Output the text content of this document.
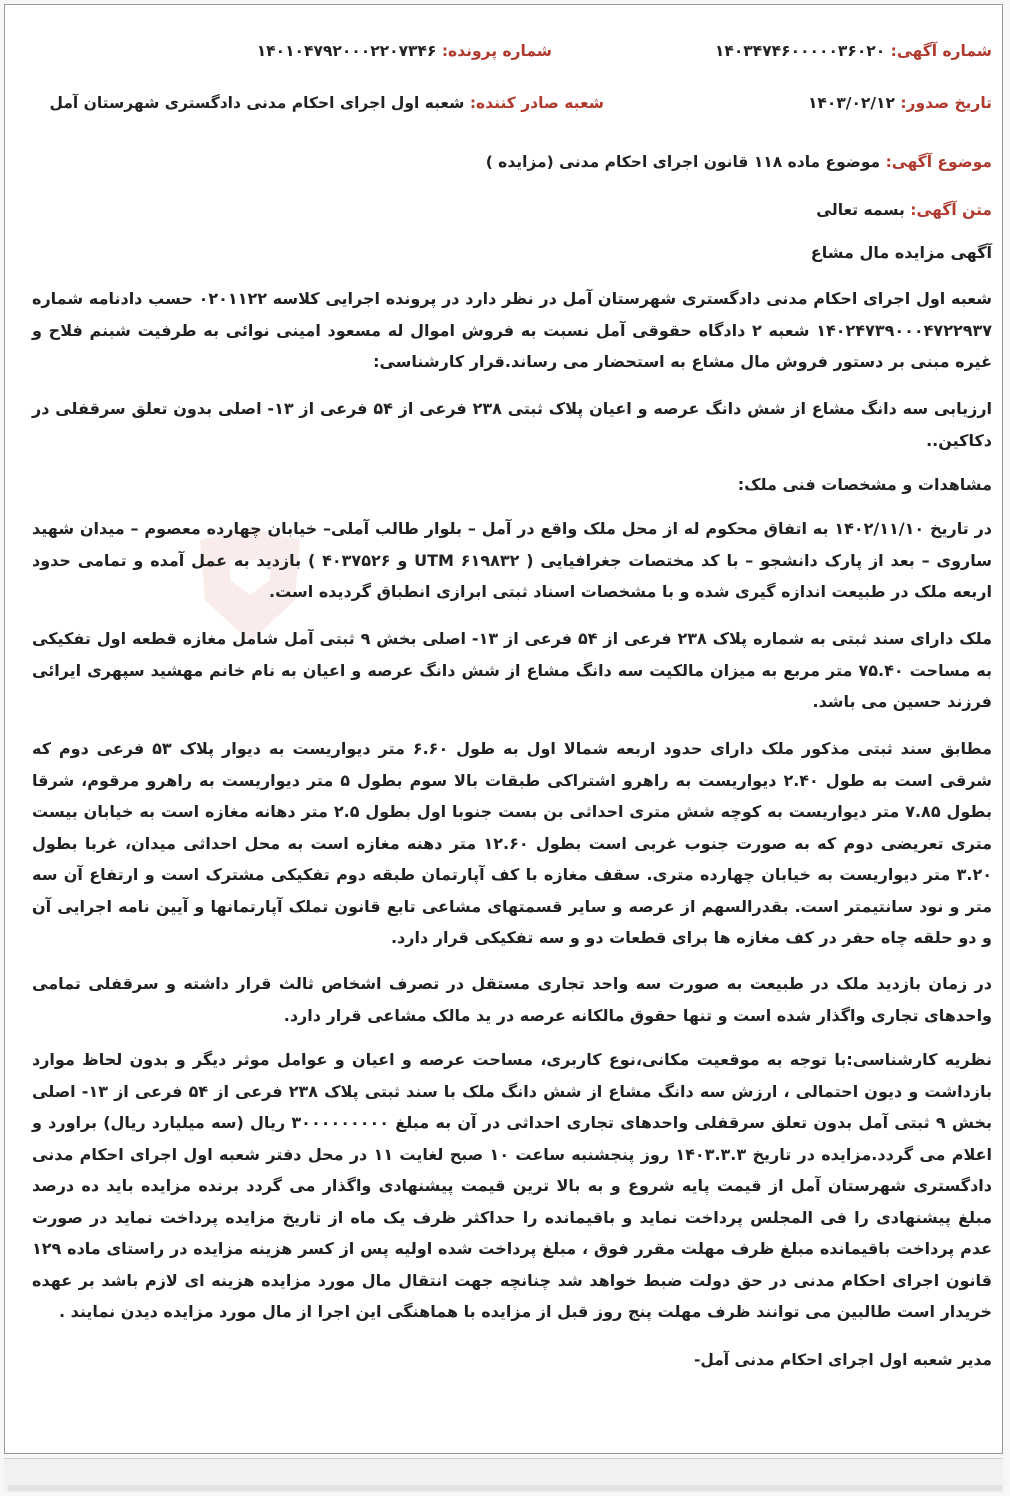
شماره آگهی: ۱۴۰۳۴۷۴۶۰۰۰۰۰۳۶۰۲۰
شماره پرونده: ۱۴۰۱۰۴۷۹۲۰۰۰۲۲۰۷۳۴۶
تاریخ صدور: ۱۴۰۳/۰۲/۱۲
شعبه صادر کننده: شعبه اول اجرای احکام مدنی دادگستری شهرستان آمل
موضوع آگهی: موضوع ماده ۱۱۸ قانون اجرای احکام مدنی (مزایده )
متن آگهی: بسمه تعالی
آگهی مزایده مال مشاع

شعبه اول اجرای احکام مدنی دادگستری شهرستان آمل در نظر دارد در پرونده اجرایی کلاسه ۰۲۰۱۱۲۲ حسب دادنامه شماره ۱۴۰۲۴۷۳۹۰۰۰۴۷۲۲۹۳۷ شعبه ۲ دادگاه حقوقی آمل نسبت به فروش اموال له مسعود امینی نوائی به طرفیت شبنم فلاح و غیره مبنی بر دستور فروش مال مشاع به استحضار می رساند.قرار کارشناسی:

ارزیابی سه دانگ مشاع از شش دانگ عرصه و اعیان پلاک ثبتی ۲۳۸ فرعی از ۵۴ فرعی از ۱۳- اصلی بدون تعلق سرقفلی در دکاکین..

مشاهدات و مشخصات فنی ملک:

در تاریخ ۱۴۰۲/۱۱/۱۰ به اتفاق محکوم له از محل ملک واقع در آمل – بلوار طالب آملی– خیابان چهارده معصوم – میدان شهید ساروی – بعد از پارک دانشجو – با کد مختصات جغرافیایی ( ۶۱۹۸۳۲ UTM و ۴۰۳۷۵۲۶ ) بازدید به عمل آمده و تمامی حدود اربعه ملک در طبیعت اندازه گیری شده و با مشخصات اسناد ثبتی ابرازی انطباق گردیده است.

ملک دارای سند ثبتی به شماره پلاک ۲۳۸ فرعی از ۵۴ فرعی از ۱۳- اصلی بخش ۹ ثبتی آمل شامل مغازه قطعه اول تفکیکی به مساحت ۷۵.۴۰ متر مربع به میزان مالکیت سه دانگ مشاع از شش دانگ عرصه و اعیان به نام خانم مهشید سپهری ایرائی فرزند حسین می باشد.

مطابق سند ثبتی مذکور ملک دارای حدود اربعه شمالا اول به طول ۶.۶۰ متر دیواریست به دیوار پلاک ۵۳ فرعی دوم که شرقی است به طول ۲.۴۰ دیواریست به راهرو اشتراکی طبقات بالا سوم بطول ۵ متر دیواریست به راهرو مرقوم، شرقا بطول ۷.۸۵ متر دیواریست به کوچه شش متری احداثی بن بست جنوبا اول بطول ۲.۵ متر دهانه مغازه است به خیابان بیست متری تعریضی دوم که به صورت جنوب غربی است بطول ۱۲.۶۰ متر دهنه مغازه است به محل احداثی میدان، غربا بطول ۳.۲۰ متر دیواریست به خیابان چهارده متری. سقف مغازه با کف آپارتمان طبقه دوم تفکیکی مشترک است و ارتفاع آن سه متر و نود سانتیمتر است. بقدرالسهم از عرصه و سایر قسمتهای مشاعی تابع قانون تملک آپارتمانها و آیین نامه اجرایی آن و دو حلقه چاه حفر در کف مغازه ها برای قطعات دو و سه تفکیکی قرار دارد.

در زمان بازدید ملک در طبیعت به صورت سه واحد تجاری مستقل در تصرف اشخاص ثالث قرار داشته و سرقفلی تمامی واحدهای تجاری واگذار شده است و تنها حقوق مالکانه عرصه در ید مالک مشاعی قرار دارد.

نظریه کارشناسی:با توجه به موقعیت مکانی،نوع کاربری، مساحت عرصه و اعیان و عوامل موثر دیگر و بدون لحاظ موارد بازداشت و دیون احتمالی ، ارزش سه دانگ مشاع از شش دانگ ملک با سند ثبتی پلاک ۲۳۸ فرعی از ۵۴ فرعی از ۱۳- اصلی بخش ۹ ثبتی آمل بدون تعلق سرقفلی واحدهای تجاری احداثی در آن به مبلغ ۳۰۰۰۰۰۰۰۰۰ ریال (سه میلیارد ریال) براورد و اعلام می گردد.مزایده در تاریخ ۱۴۰۳.۳.۳ روز پنجشنبه ساعت ۱۰ صبح لغایت ۱۱ در محل دفتر شعبه اول اجرای احکام مدنی دادگستری شهرستان آمل از قیمت پایه شروع و به بالا ترین قیمت پیشنهادی واگذار می گردد برنده مزایده باید ده درصد مبلغ پیشنهادی را فی المجلس پرداخت نماید و باقیمانده را حداکثر ظرف یک ماه از تاریخ مزایده پرداخت نماید در صورت عدم پرداخت باقیمانده مبلغ ظرف مهلت مقرر فوق ، مبلغ پرداخت شده اولیه پس از کسر هزینه مزایده در راستای ماده ۱۲۹ قانون اجرای احکام مدنی در حق دولت ضبط خواهد شد چنانچه جهت انتقال مال مورد مزایده هزینه ای لازم باشد بر عهده خریدار است طالبین می توانند ظرف مهلت پنج روز قبل از مزایده با هماهنگی این اجرا از مال مورد مزایده دیدن نمایند .

مدیر شعبه اول اجرای احکام مدنی آمل-
